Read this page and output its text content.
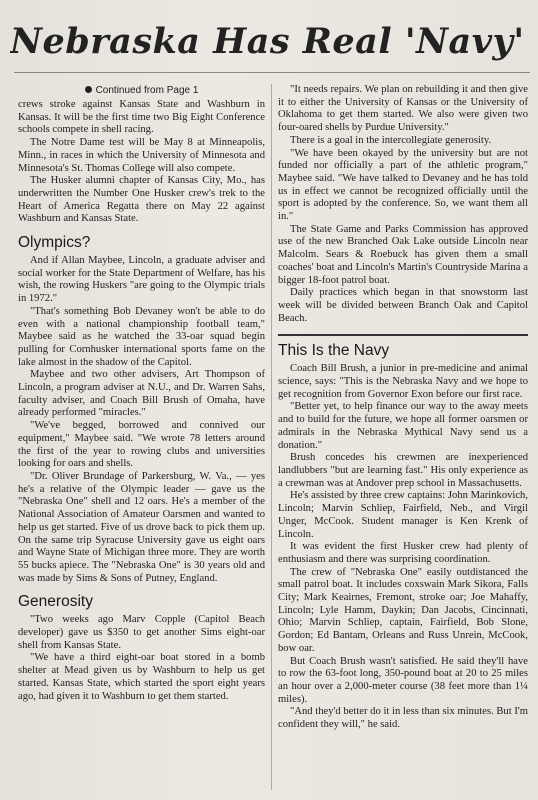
Nebraska Has Real 'Navy'
Continued from Page 1

crews stroke against Kansas State and Washburn in Kansas. It will be the first time two Big Eight Conference schools compete in shell racing.

The Notre Dame test will be May 8 at Minneapolis, Minn., in races in which the University of Minnesota and Minnesota's St. Thomas College will also compete.

The Husker alumni chapter of Kansas City, Mo., has underwritten the Number One Husker crew's trek to the Heart of America Regatta there on May 22 against Washburn and Kansas State.

Olympics?

And if Allan Maybee, Lincoln, a graduate adviser and social worker for the State Department of Welfare, has his wish, the rowing Huskers "are going to the Olympic trials in 1972."

"That's something Bob Devaney won't be able to do even with a national championship football team," Maybee said as he watched the 33-oar squad begin pulling for Cornhusker international sports fame on the lake almost in the shadow of the Capitol.

Maybee and two other advisers, Art Thompson of Lincoln, a program adviser at N.U., and Dr. Warren Sahs, faculty adviser, and Coach Bill Brush of Omaha, have already performed "miracles."

"We've begged, borrowed and connived our equipment," Maybee said. "We wrote 78 letters around the first of the year to rowing clubs and universities looking for oars and shells.

"Dr. Oliver Brundage of Parkersburg, W. Va., — yes he's a relative of the Olympic leader — gave us the "Nebraska One" shell and 12 oars. He's a member of the National Association of Amateur Oarsmen and wanted to help us get started. Five of us drove back to pick them up. On the same trip Syracuse University gave us eight oars and Wayne State of Michigan three more. They are worth 55 bucks apiece. The "Nebraska One" is 30 years old and was made by Sims & Sons of Putney, England.

Generosity

"Two weeks ago Marv Copple (Capitol Beach developer) gave us $350 to get another Sims eight-oar shell from Kansas State.

"We have a third eight-oar boat stored in a bomb shelter at Mead given us by Washburn to help us get started. Kansas State, which started the sport eight years ago, had given it to Washburn to get them started.

"It needs repairs. We plan on rebuilding it and then give it to either the University of Kansas or the University of Oklahoma to get them started. We also were given two four-oared shells by Purdue University."

There is a goal in the intercollegiate generosity.

"We have been okayed by the university but are not funded nor officially a part of the athletic program," Maybee said. "We have talked to Devaney and he has told us in effect we cannot be recognized officially until the sport is adopted by the conference. So, we want them all in."

The State Game and Parks Commission has approved use of the new Branched Oak Lake outside Lincoln near Malcolm. Sears & Roebuck has given them a small coaches' boat and Lincoln's Martin's Countryside Marina a bigger 18-foot patrol boat.

Daily practices which began in that snowstorm last week will be divided between Branch Oak and Capitol Beach.

This Is the Navy

Coach Bill Brush, a junior in pre-medicine and animal science, says: "This is the Nebraska Navy and we hope to get recognition from Governor Exon before our first race.

"Better yet, to help finance our way to the away meets and to build for the future, we hope all former oarsmen or admirals in the Nebraska Mythical Navy send us a donation."

Brush concedes his crewmen are inexperienced landlubbers "but are learning fast." His only experience as a crewman was at Andover prep school in Massachusetts.

He's assisted by three crew captains: John Marinkovich, Lincoln; Marvin Schliep, Fairfield, Neb., and Virgil Unger, McCook. Student manager is Ken Krenk of Lincoln.

It was evident the first Husker crew had plenty of enthusiasm and there was surprising coordination.

The crew of "Nebraska One" easily outdistanced the small patrol boat. It includes coxswain Mark Sikora, Falls City; Mark Keairnes, Fremont, stroke oar; Joe Mahaffy, Lincoln; Lyle Hamm, Daykin; Dan Jacobs, Cincinnati, Ohio; Marvin Schliep, captain, Fairfield, Bob Slone, Gordon; Ed Bantam, Orleans and Russ Unrein, McCook, bow oar.

But Coach Brush wasn't satisfied. He said they'll have to row the 63-foot long, 350-pound boat at 20 to 25 miles an hour over a 2,000-meter course (38 feet more than 1¼ miles).

"And they'd better do it in less than six minutes. But I'm confident they will," he said.
